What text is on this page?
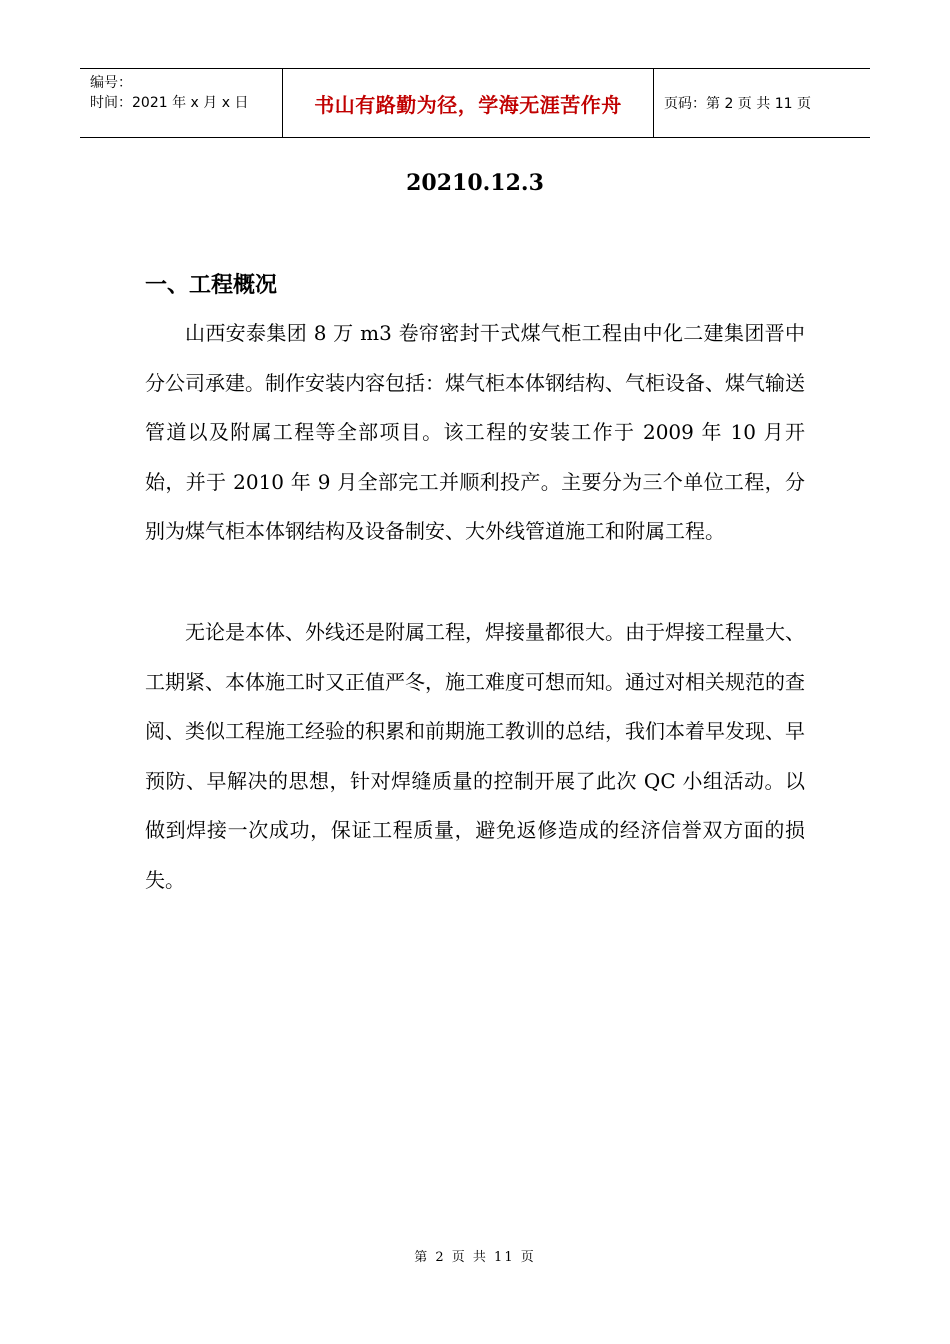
编号：
时间：2021 年 x 月 x 日	书山有路勤为径，学海无涯苦作舟	页码：第 2 页 共 11 页
20210.12.3
一、工程概况

山西安泰集团 8 万 m3 卷帘密封干式煤气柜工程由中化二建集团晋中分公司承建。制作安装内容包括：煤气柜本体钢结构、气柜设备、煤气输送管道以及附属工程等全部项目。该工程的安装工作于 2009 年 10 月开始，并于 2010 年 9 月全部完工并顺利投产。主要分为三个单位工程，分别为煤气柜本体钢结构及设备制安、大外线管道施工和附属工程。

无论是本体、外线还是附属工程，焊接量都很大。由于焊接工程量大、工期紧、本体施工时又正值严冬，施工难度可想而知。通过对相关规范的查阅、类似工程施工经验的积累和前期施工教训的总结，我们本着早发现、早预防、早解决的思想，针对焊缝质量的控制开展了此次 QC 小组活动。以做到焊接一次成功，保证工程质量，避免返修造成的经济信誉双方面的损失。

第 2 页 共 11 页
